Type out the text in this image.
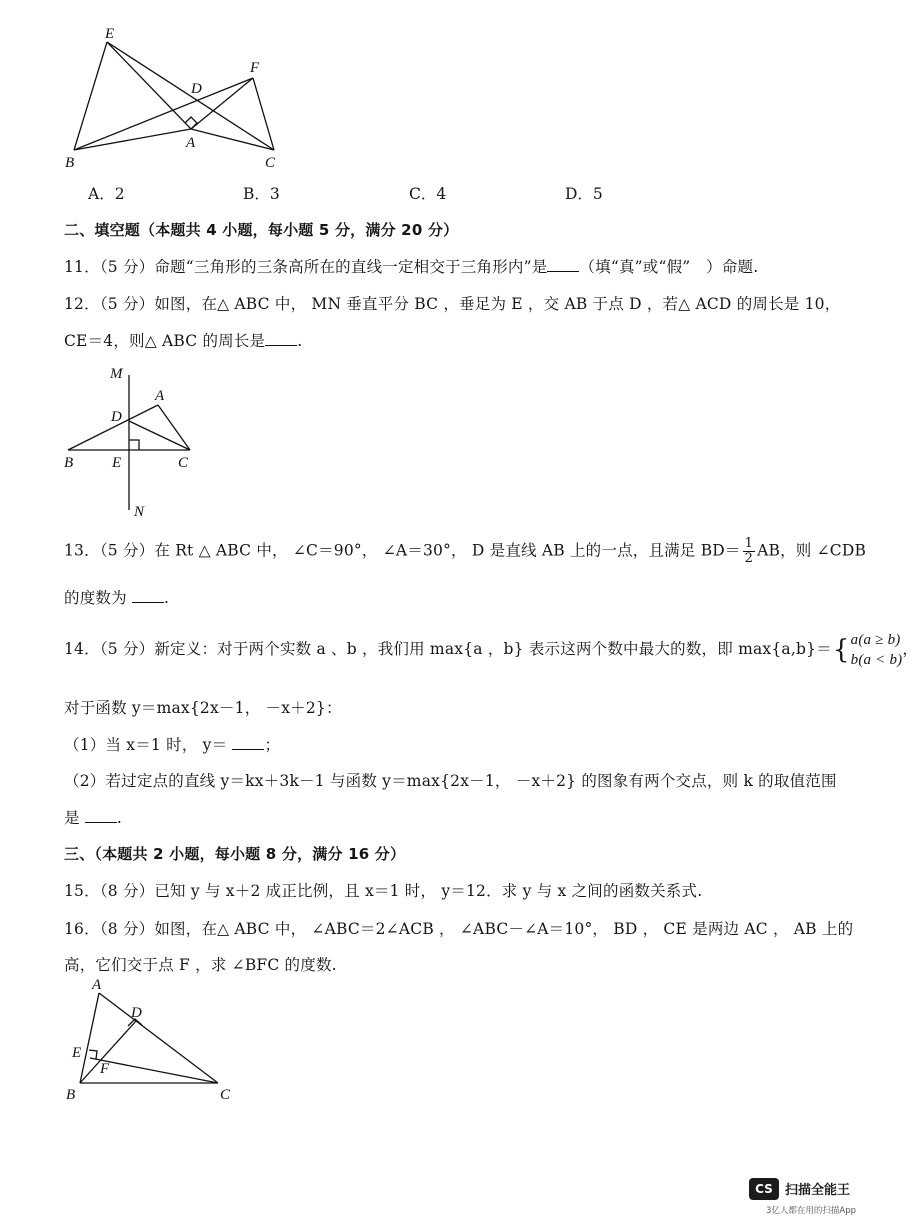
E
F
D
A
B	C
A．2	B．3	C．4	D．5
二、填空题（本题共 4 小题，每小题 5 分，满分 20 分）
11．（5 分）命题“三角形的三条高所在的直线一定相交于三角形内”是 （填“真”或“假”　）命题.
12．（5 分）如图，在△ ABC 中， MN 垂直平分 BC ，垂足为 E ，交 AB 于点 D ，若△ ACD 的周长是 10，
CE＝4，则△ ABC 的周长是 .
M
A
D
B	E	C
N
13．（5 分）在 Rt △ ABC 中， ∠C＝90°， ∠A＝30°， D 是直线 AB 上的一点，且满足 $BD= \frac{1}{2}$ AB，则 ∠CDB
的度数为 .
14．（5 分）新定义：对于两个实数 a 、b ，我们用 max{a ，b} 表示这两个数中最大的数，即 max{a,b}＝{ a(a ≥ b)
b(a < b)
，
对于函数 y＝max{2x－1， －x＋2}：
（1）当 x＝1 时， y＝ ；
（2）若过定点的直线 y＝kx＋3k－1 与函数 y＝max{2x－1， －x＋2} 的图象有两个交点，则 k 的取值范围
是 .
三、（本题共 2 小题，每小题 8 分，满分 16 分）
15．（8 分）已知 y 与 x＋2 成正比例，且 x＝1 时， y＝12．求 y 与 x 之间的函数关系式.
16．（8 分）如图，在△ ABC 中， ∠ABC＝2∠ACB ， ∠ABC－∠A＝10°， BD ， CE 是两边 AC ， AB 上的
高，它们交于点 F ，求 ∠BFC 的度数.
A
D
E
F
B	C
CS 扫描全能王
3亿人都在用的扫描App
